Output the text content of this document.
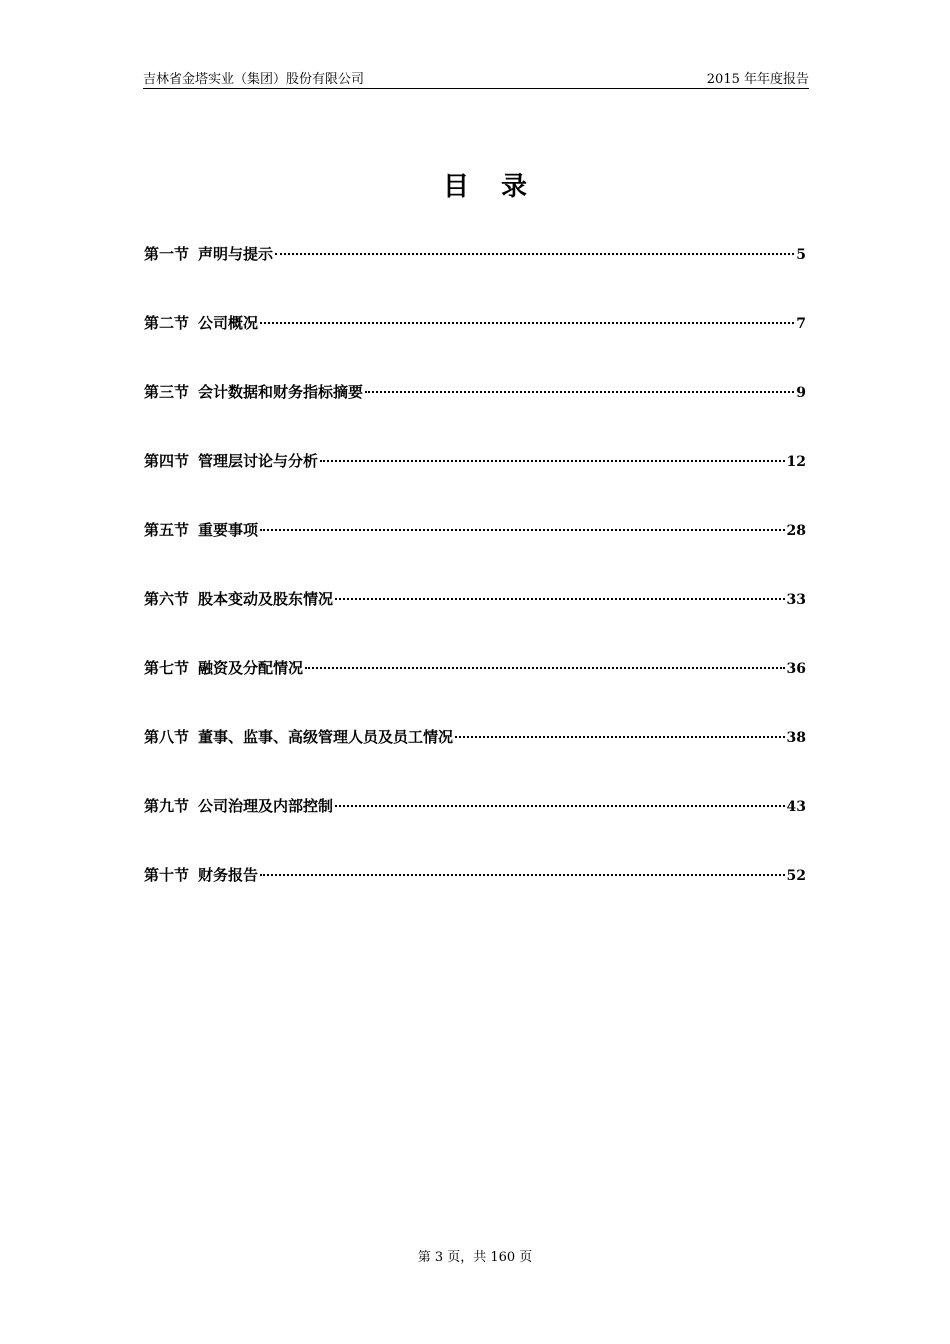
吉林省金塔实业（集团）股份有限公司	2015 年年度报告
目录
第一节 声明与提示	5
第二节 公司概况	7
第三节 会计数据和财务指标摘要	9
第四节 管理层讨论与分析	12
第五节 重要事项	28
第六节 股本变动及股东情况	33
第七节 融资及分配情况	36
第八节 董事、监事、高级管理人员及员工情况	38
第九节 公司治理及内部控制	43
第十节 财务报告	52
第 3 页，共 160 页
